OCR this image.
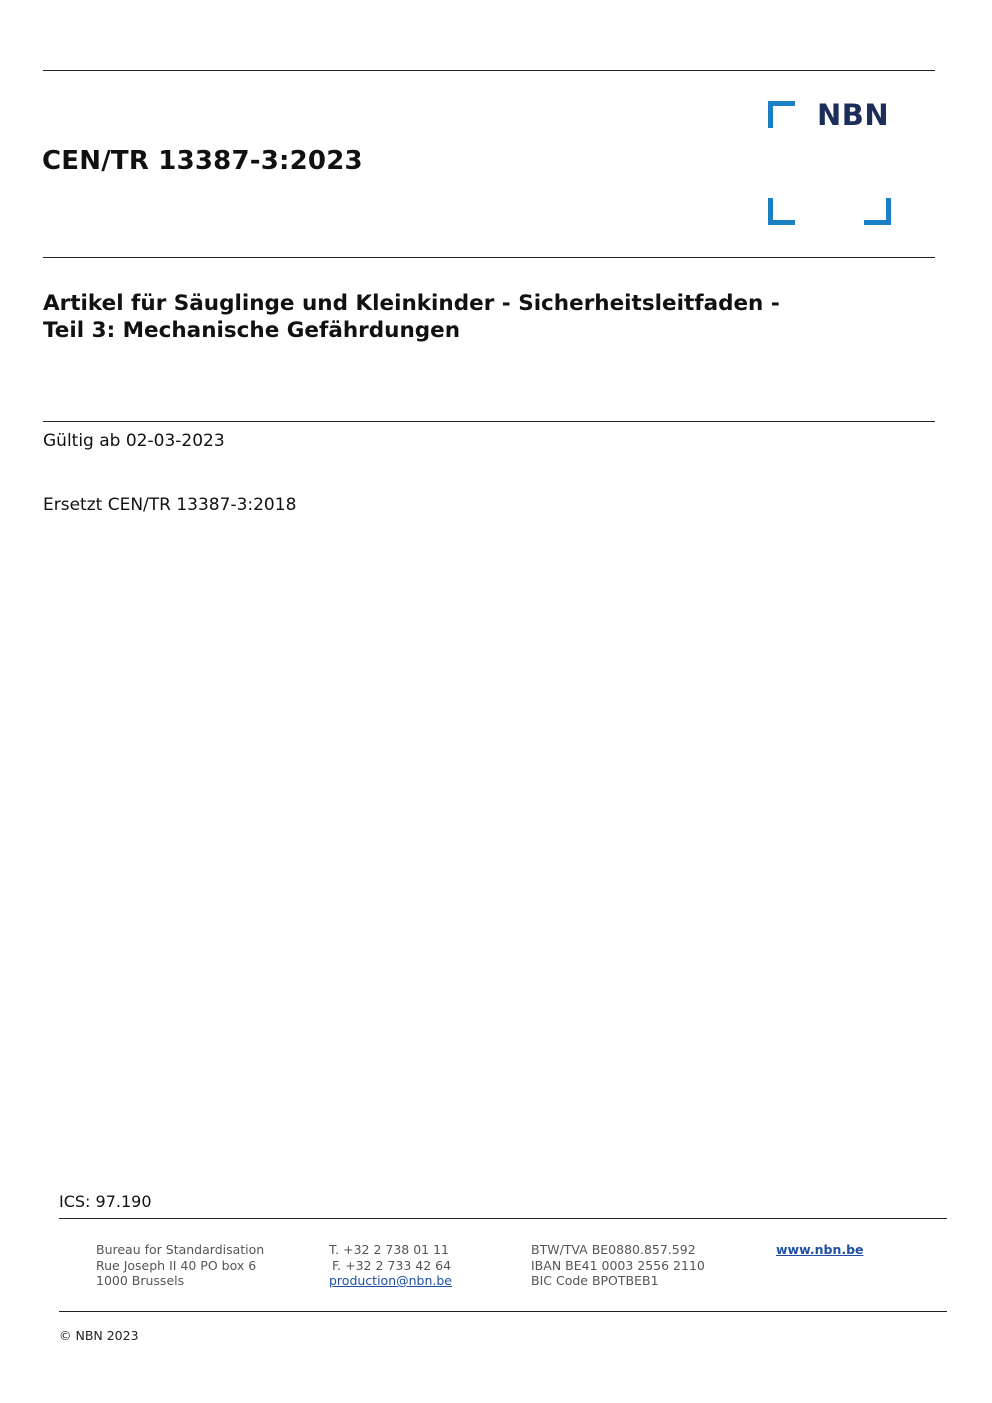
CEN/TR 13387-3:2023
NBN
Artikel für Säuglinge und Kleinkinder - Sicherheitsleitfaden -
Teil 3: Mechanische Gefährdungen
Gültig ab 02-03-2023
Ersetzt CEN/TR 13387-3:2018
ICS: 97.190
Bureau for Standardisation
Rue Joseph II 40 PO box 6
1000 Brussels
T. +32 2 738 01 11
F. +32 2 733 42 64
production@nbn.be
BTW/TVA BE0880.857.592
IBAN BE41 0003 2556 2110
BIC Code BPOTBEB1
www.nbn.be
© NBN 2023
